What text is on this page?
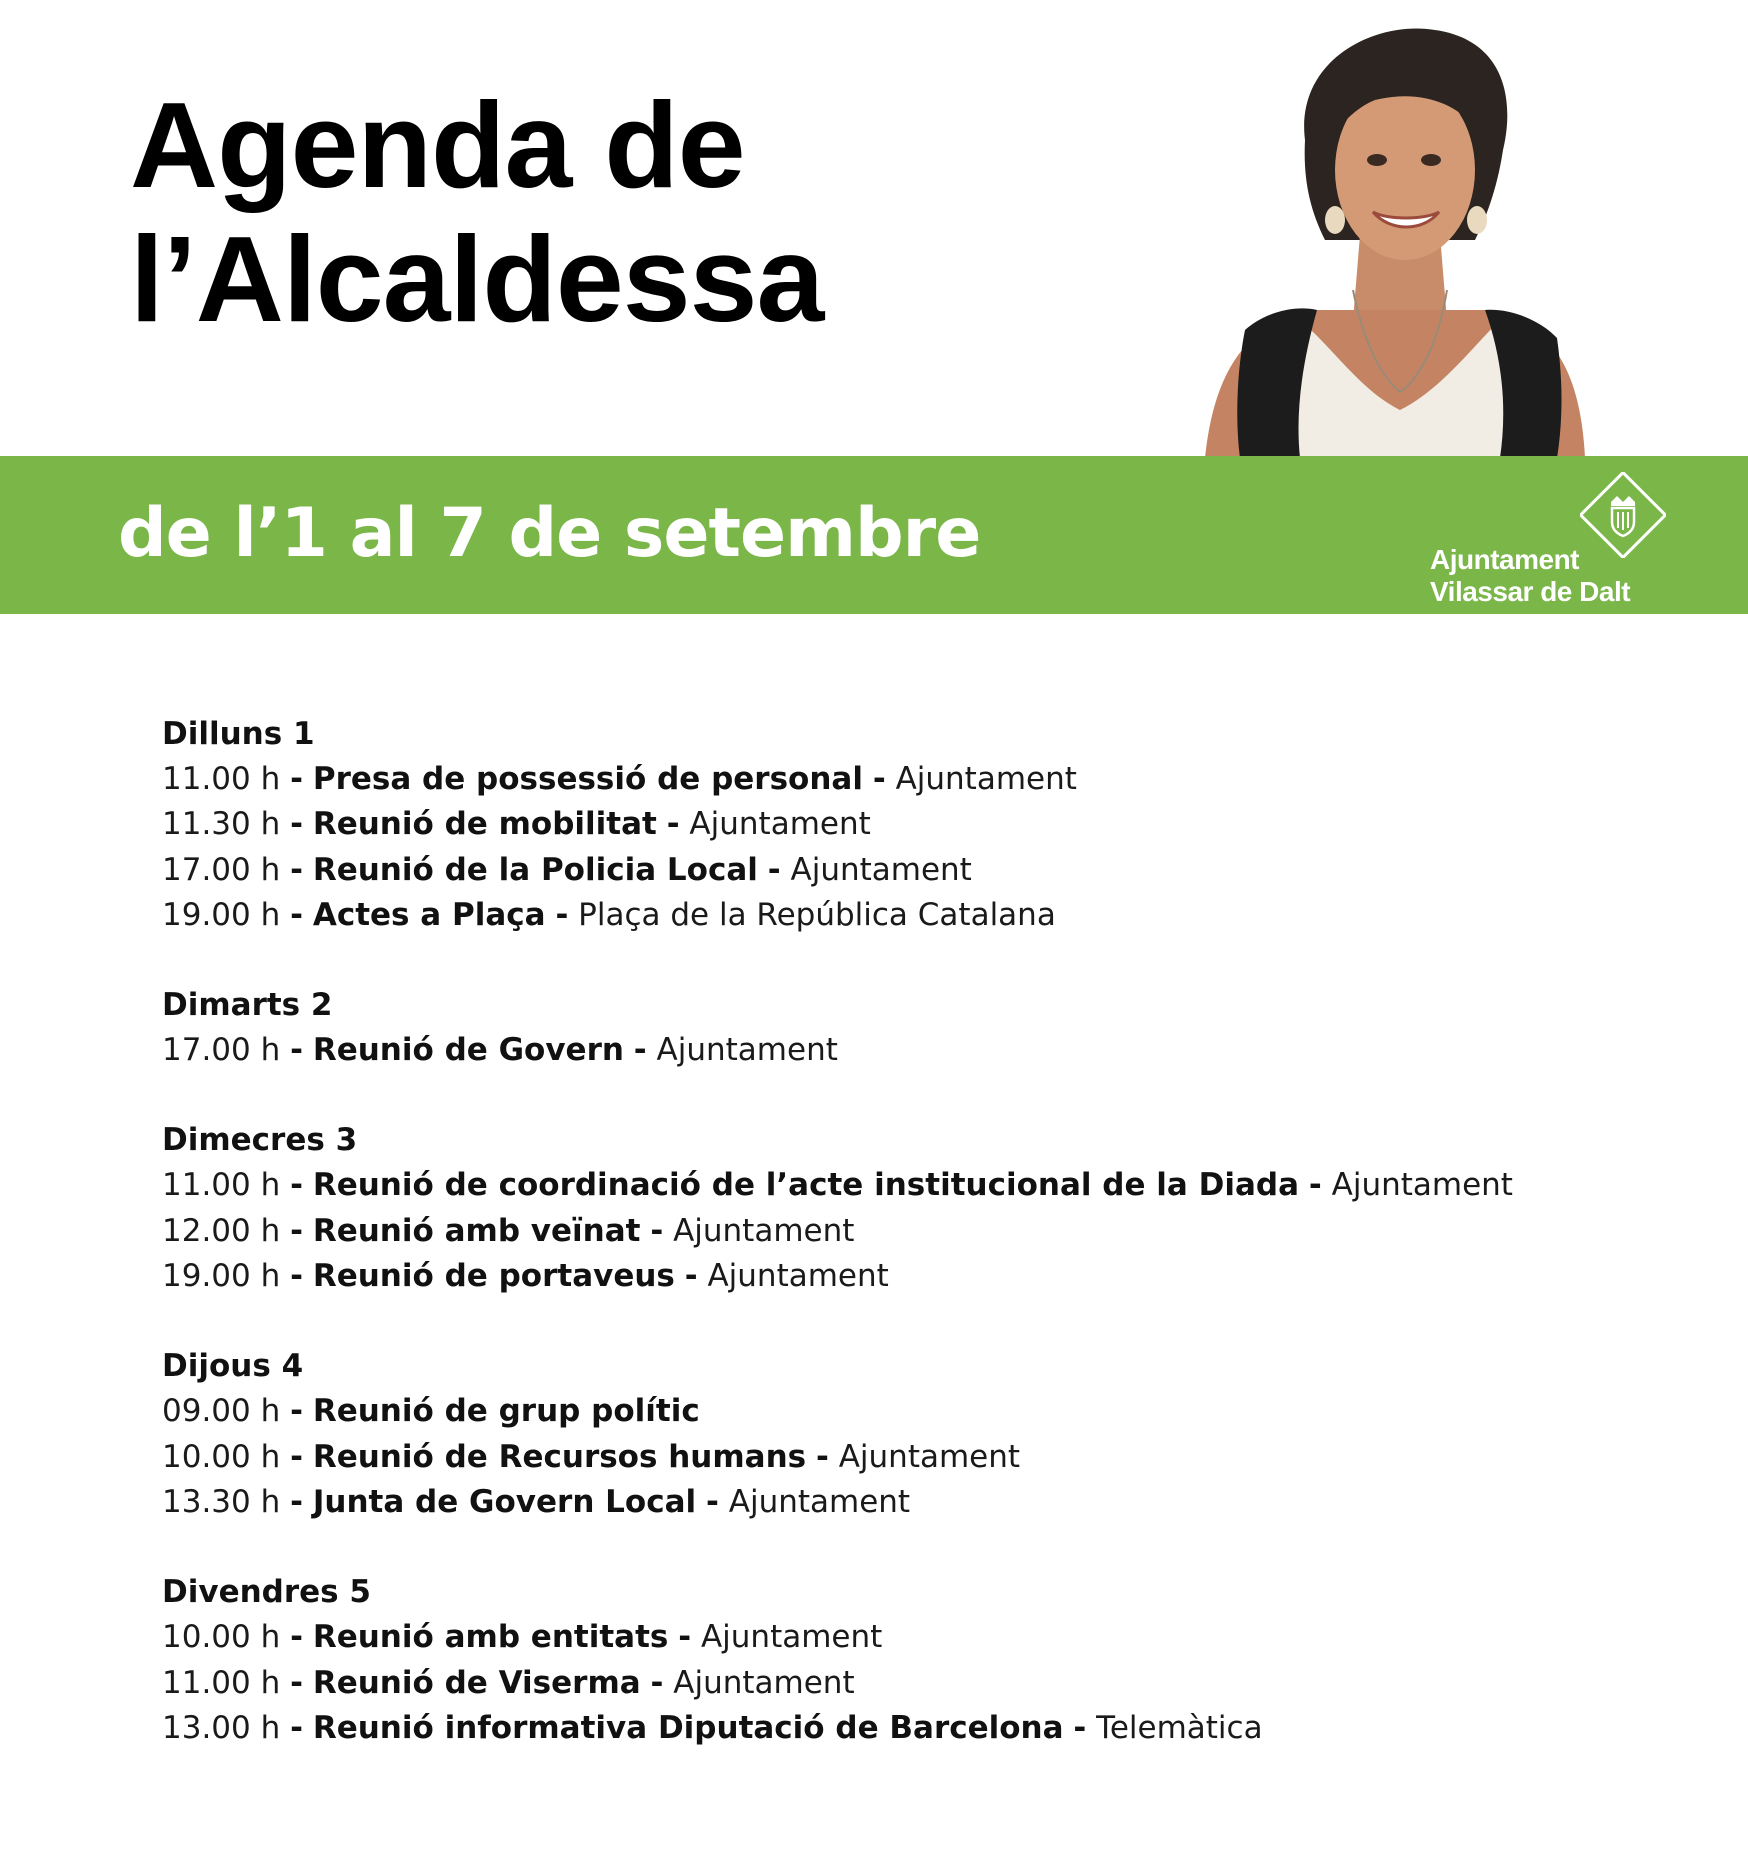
Agenda de
l’Alcaldessa
de l’1 al 7 de setembre	Ajuntament
Vilassar de Dalt
Dilluns 1
11.00 h - Presa de possessió de personal - Ajuntament
11.30 h - Reunió de mobilitat - Ajuntament
17.00 h - Reunió de la Policia Local - Ajuntament
19.00 h - Actes a Plaça - Plaça de la República Catalana
Dimarts 2
17.00 h - Reunió de Govern - Ajuntament
Dimecres 3
11.00 h - Reunió de coordinació de l’acte institucional de la Diada - Ajuntament
12.00 h - Reunió amb veïnat - Ajuntament
19.00 h - Reunió de portaveus - Ajuntament
Dijous 4
09.00 h - Reunió de grup polític
10.00 h - Reunió de Recursos humans - Ajuntament
13.30 h - Junta de Govern Local - Ajuntament
Divendres 5
10.00 h - Reunió amb entitats - Ajuntament
11.00 h - Reunió de Viserma - Ajuntament
13.00 h - Reunió informativa Diputació de Barcelona - Telemàtica
